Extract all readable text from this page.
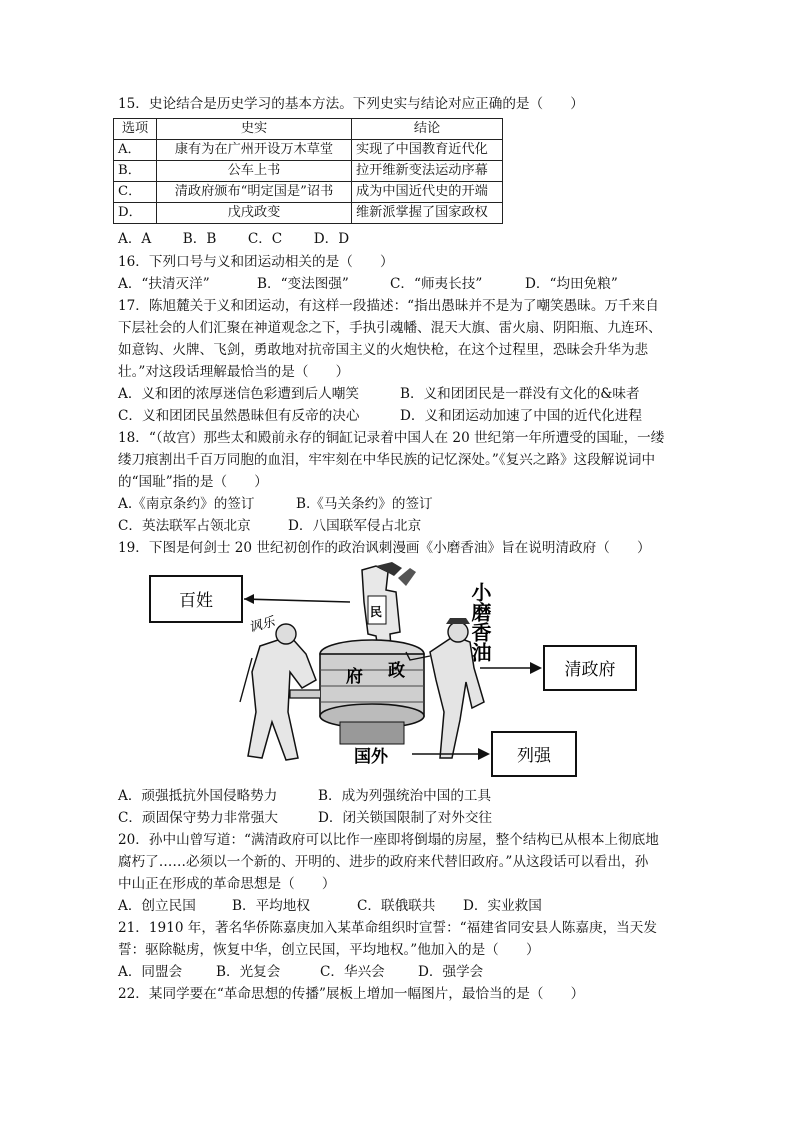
15．史论结合是历史学习的基本方法。下列史实与结论对应正确的是（　　）
选项	史实	结论
A．	康有为在广州开设万木草堂	实现了中国教育近代化
B．	公车上书	拉开维新变法运动序幕
C．	清政府颁布“明定国是”诏书	成为中国近代史的开端
D．	戊戌政变	维新派掌握了国家政权
A．A　　 B．B　　 C．C　　 D．D
16．下列口号与义和团运动相关的是（　　）
A．“扶清灭洋”	B．“变法图强”	C．“师夷长技”	D．“均田免粮”
17．陈旭麓关于义和团运动，有这样一段描述：“指出愚昧并不是为了嘲笑愚昧。万千来自
下层社会的人们汇聚在神道观念之下，手执引魂幡、混天大旗、雷火扇、阴阳瓶、九连环、
如意钩、火牌、飞剑，勇敢地对抗帝国主义的火炮快枪，在这个过程里，恐昧会升华为悲
壮。”对这段话理解最恰当的是（　　）
A．义和团的浓厚迷信色彩遭到后人嘲笑	B．义和团团民是一群没有文化的&味者
C．义和团团民虽然愚昧但有反帝的决心	D．义和团运动加速了中国的近代化进程
18．“（故宫）那些太和殿前永存的铜缸记录着中国人在 20 世纪第一年所遭受的国耻，一缕
缕刀痕割出千百万同胞的血泪，牢牢刻在中华民族的记忆深处。”《复兴之路》这段解说词中
的“国耻”指的是（　　）
A.《南京条约》的签订	B.《马关条约》的签订
C．英法联军占领北京	D．八国联军侵占北京
19．下图是何剑士 20 世纪初创作的政治讽刺漫画《小磨香油》旨在说明清政府（　　）
百姓
讽乐
民
府 政
国外
小磨香油
清政府
列强
A．顽强抵抗外国侵略势力	B．成为列强统治中国的工具
C．顽固保守势力非常强大	D．闭关锁国限制了对外交往
20．孙中山曾写道：“满清政府可以比作一座即将倒塌的房屋，整个结构已从根本上彻底地
腐朽了……必须以一个新的、开明的、进步的政府来代替旧政府。”从这段话可以看出，孙
中山正在形成的革命思想是（　　）
A．创立民国	B．平均地权	C．联俄联共 D．实业救国
21．1910 年，著名华侨陈嘉庚加入某革命组织时宣誓：“福建省同安县人陈嘉庚，当天发
誓：驱除鞑虏，恢复中华，创立民国，平均地权。”他加入的是（　　）
A．同盟会 B．光复会	C．华兴会 D．强学会
22．某同学要在“革命思想的传播”展板上增加一幅图片，最恰当的是（　　）
